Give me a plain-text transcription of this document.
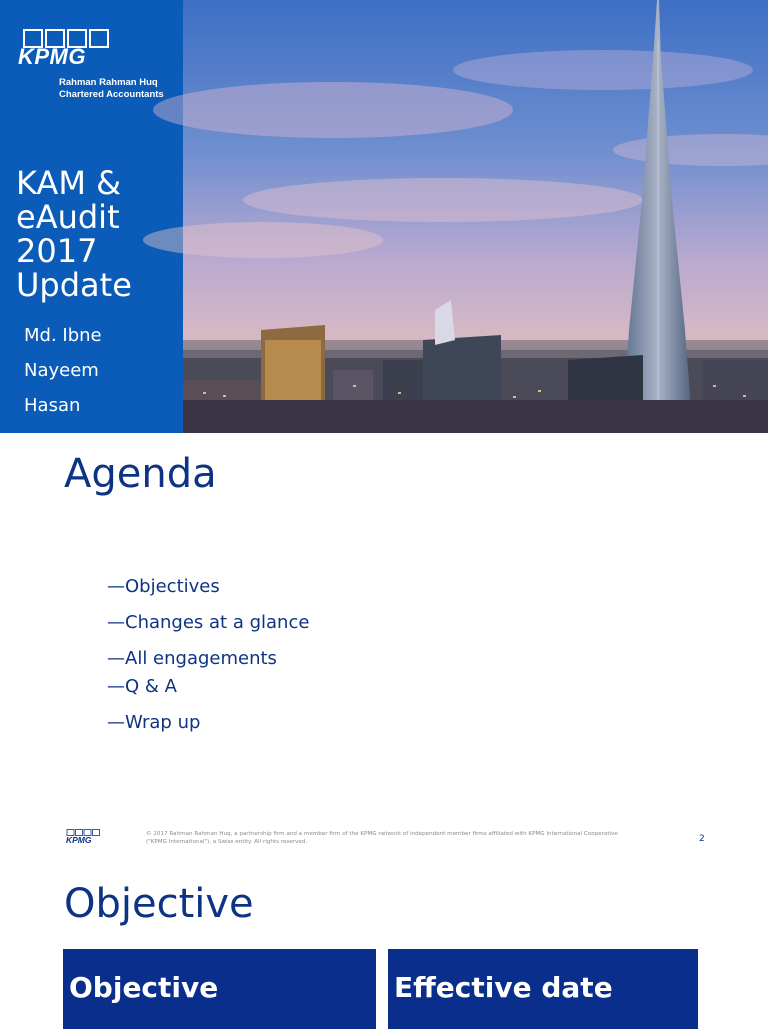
KPMG
Rahman Rahman Huq
Chartered Accountants
KAM &
eAudit
2017
Update
Md. Ibne
Nayeem
Hasan
Agenda
—Objectives
—Changes at a glance
—All engagements
—Q & A
—Wrap up
KPMG
© 2017 Rahman Rahman Huq, a partnership firm and a member firm of the KPMG network of independent member firms affiliated with KPMG International Cooperative ("KPMG International"), a Swiss entity. All rights reserved.	2
Objective
Objective	Effective date
